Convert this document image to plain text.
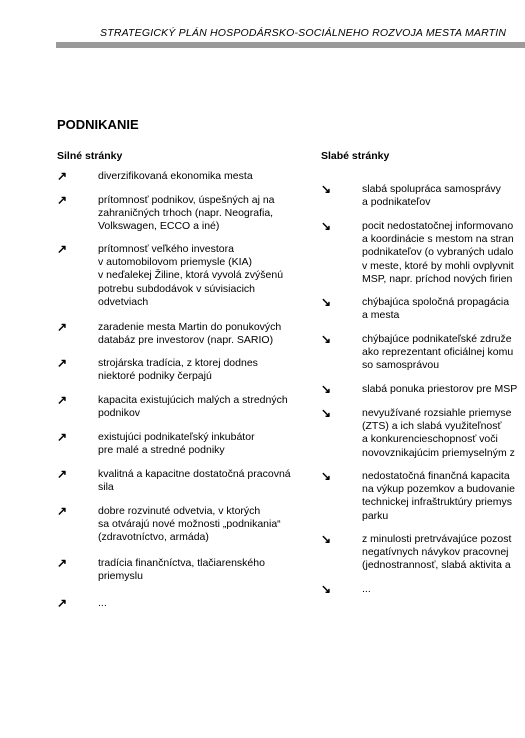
STRATEGICKÝ PLÁN HOSPODÁRSKO-SOCIÁLNEHO ROZVOJA MESTA MARTIN
PODNIKANIE
Silné stránky	Slabé stránky
↗	diverzifikovaná ekonomika mesta
↗	prítomnosť podnikov, úspešných aj na
zahraničných trhoch (napr. Neografia,
Volkswagen, ECCO a iné)
↗	prítomnosť veľkého investora
v automobilovom priemysle (KIA)
v neďalekej Žiline, ktorá vyvolá zvýšenú
potrebu subdodávok v súvisiacich
odvetviach
↗	zaradenie mesta Martin do ponukových
databáz pre investorov (napr. SARIO)
↗	strojárska tradícia, z ktorej dodnes
niektoré podniky čerpajú
↗	kapacita existujúcich malých a stredných
podnikov
↗	existujúci podnikateľský inkubátor
pre malé a stredné podniky
↗	kvalitná a kapacitne dostatočná pracovná
sila
↗	dobre rozvinuté odvetvia, v ktorých
sa otvárajú nové možnosti „podnikania“
(zdravotníctvo, armáda)
↗	tradícia finančníctva, tlačiarenského
priemyslu
↗	...
↘	slabá spolupráca samosprávy
a podnikateľov
↘	pocit nedostatočnej informovano
a koordinácie s mestom na stran
podnikateľov (o vybraných udalo
v meste, ktoré by mohli ovplyvnit
MSP, napr. príchod nových firien
↘	chýbajúca spoločná propagácia
a mesta
↘	chýbajúce podnikateľské združe
ako reprezentant oficiálnej komu
so samosprávou
↘	slabá ponuka priestorov pre MSP
↘	nevyužívané rozsiahle priemyse
(ZTS) a ich slabá využiteľnosť
a konkurencieschopnosť voči
novovznikajúcim priemyselným z
↘	nedostatočná finančná kapacita
na výkup pozemkov a budovanie
technickej infraštruktúry priemys
parku
↘	z minulosti pretrvávajúce pozost
negatívnych návykov pracovnej
(jednostrannosť, slabá aktivita a
↘	...
